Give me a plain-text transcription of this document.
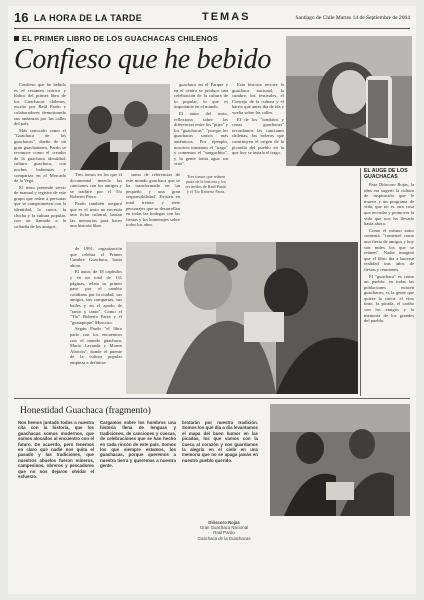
16 LA HORA DE LA TARDE	TEMAS	Santiago de Chile Martes 14 de Septiembre de 2004
EL PRIMER LIBRO DE LOS GUACHACAS CHILENOS
Confieso que he bebido

Confieso que he bebido es el resumen teórico y lúdico del primer libro de los Guachacas chilenos, escrito por Raúl Pardo y colaboradores demostrando sus andanzas por las calles del país.

Más conocido como el "Guachaca de los guachacas", dueño de un gran guachatuneo, Pardo se reconoce como el creador de la guachaca identidad, cultura guachaca, con noches bohemias y comparsas en el Mercado de la Vega.

El texto pretende servir de manual y registro de este grupo que reúne a personas que se comprometen con la identidad, la cueca, la chicha y la cultura popular, con un llamado a la cofradía de los amigos.

de 1991, organización que celebra el Primer Cumbre Guachaca, hasta ahora.

El autor, de 18 capítulos y en un total de 131 páginas, relata su primer paso por el cambio cotidiano por la ciudad, sus amigos, sus comparsas, sus bailes y en el apodo de "tanto y tanto". Como el "Tío" Roberto Parra y el "guatapique" Moscoso.

Según Pardo "el libro parte con los encuentros con el mundo guachaca, Mario Lavanda y Monse Alarcón", donde el puente de la cultura popular empieza a definirse.

Tres tomos en los que el documental mezcla las canciones con los amigos y se traduce por el Tío Roberto Parra.

Pardo también aseguró que es el texto no necesita una ficha cultural, bastan las memorias para hacer una historia libre.

sumo de referencias de este mundo guachaca que se ha transformado en 'un pequeño y una gran responsabilidad'. Existen en total treinta y siete personajes que se desarrollan en todas las bodegas con las fiestas y los homenajes sobre todos los años.

guachaca en el Parque y en el centro se produce una celebración de la cultura de lo popular, lo que es importante en el mundo.

El autor del texto, reflexiona sobre las diferencias entre los "pijes" y los "guachacas", "porque los guachacas somos más auténticos. Por ejemplo, nosotros tomamos el "trago" y comemos el "sanguchito", y la gente toma agua sin vino".

Esta historia recorre la guachaca nacional, la cumbre, los festivales, el Concejo de la cultura y el barrio que antes iba de ida y vuelta sobre las calles.

El de los "tombitos y cenas guachacas" recordamos las canciones chilenas, las boleras que constituyen el origen de la picardía del pueblo en la que hoy se instala el trago.

Tres tomos que reúnen parte de la historia y los recuerdos de Raúl Pardo y el Tío Roberto Parra.
EL AUGE DE LOS GUACHACAS

Para Dióscoro Rojas, la idea era sugerir la cultura de inspiración que le mueve y un programa de vida, que no es otra cosa que recordar y promover la vida que nos ha llevado hasta ahora.

Como el mismo autor comenta, "comenzó como una fiesta de amigos y hoy son miles los que se reúnen". Nadie imaginó que el libro iba a hacerse realidad tras años de fiestas y reuniones.

El "guachaca" es como un pueblo: en todas las poblaciones existen guachacas; es la gente que quiere la cueca, el vino tinto, la picada, el cariño con los amigos y la memoria de los grandes del pueblo.

Honestidad Guachaca (fragmento)
Nos hemos juntado todos a nuestra cita con la historia, que los guachacas somos modernos, que somos alocados al encuentro con el futuro. De acuerdo, pero tenemos en claro que nadie nos quita el pasado y las tradiciones, que nuestros abuelos fueron mineros, campesinos, obreros y pescadores que no nos dejaron olvidar el esfuerzo.
Cargamos sobre los hombros una historia llena de lenguas y tradiciones, de canciones y cuecas, de celebraciones que se han hecho en cada rincón de este país. Somos los que siempre estamos, los guachacas, porque queremos a nuestra tierra y queremos a nuestra gente.
brotarán por nuestra tradición. Somos los que día a día levantamos el mapa del buen humor en las picadas, los que vamos con la cueca al corazón y nos guardamos la alegría en el cielo en una memoria que no se apaga jamás en nuestro pueblo querido.
Dióscoro Rojas
Gran Guachaca Nacional
Raúl Pardo
Guachaca de la Guachacas
